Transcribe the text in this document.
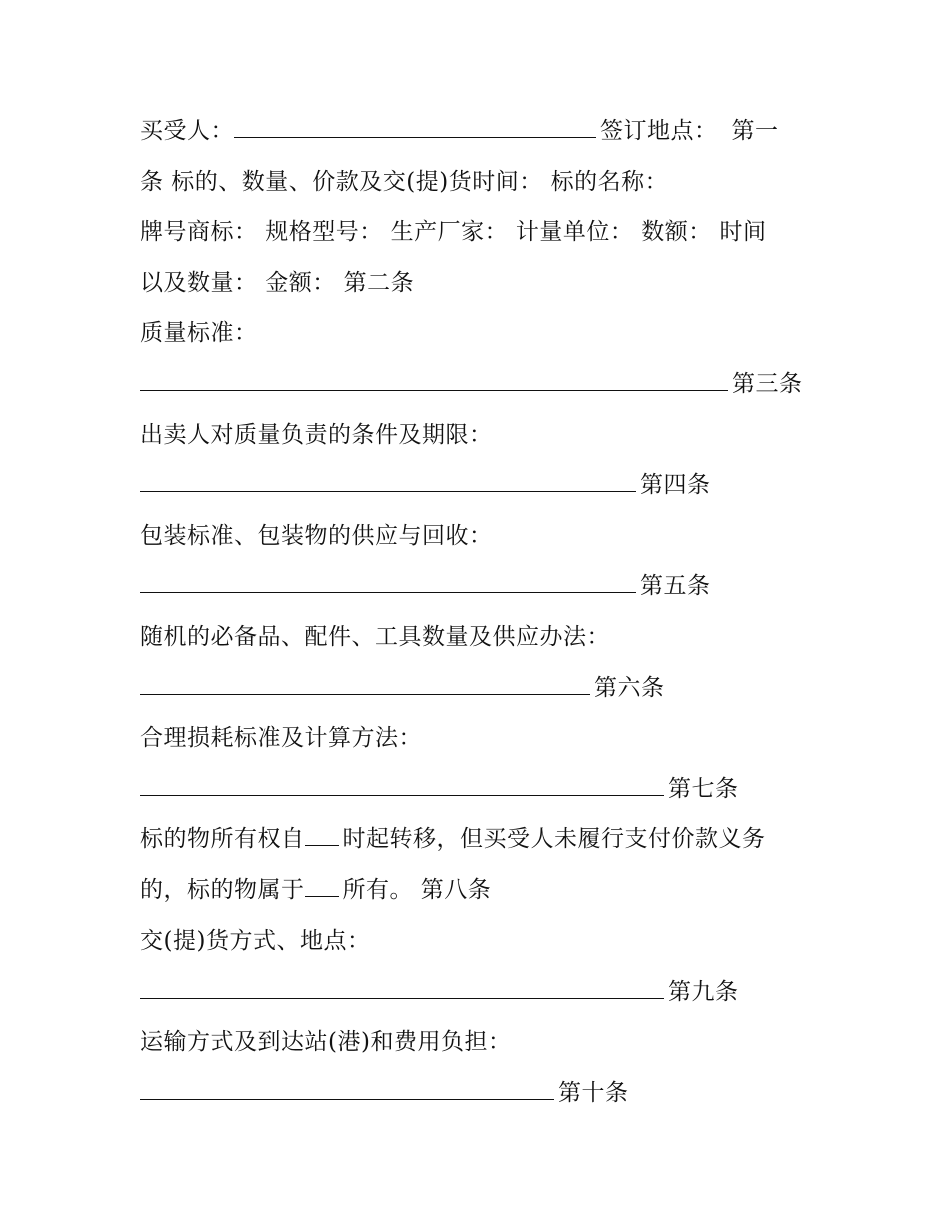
买受人：	签订地点： 第一
条 标的、数量、价款及交(提)货时间： 标的名称：
牌号商标： 规格型号： 生产厂家： 计量单位： 数额： 时间
以及数量： 金额： 第二条
质量标准：
第三条
出卖人对质量负责的条件及期限：
第四条
包装标准、包装物的供应与回收：
第五条
随机的必备品、配件、工具数量及供应办法：
第六条
合理损耗标准及计算方法：
第七条
标的物所有权自 时起转移，但买受人未履行支付价款义务
的，标的物属于 所有。 第八条
交(提)货方式、地点：
第九条
运输方式及到达站(港)和费用负担：
第十条
